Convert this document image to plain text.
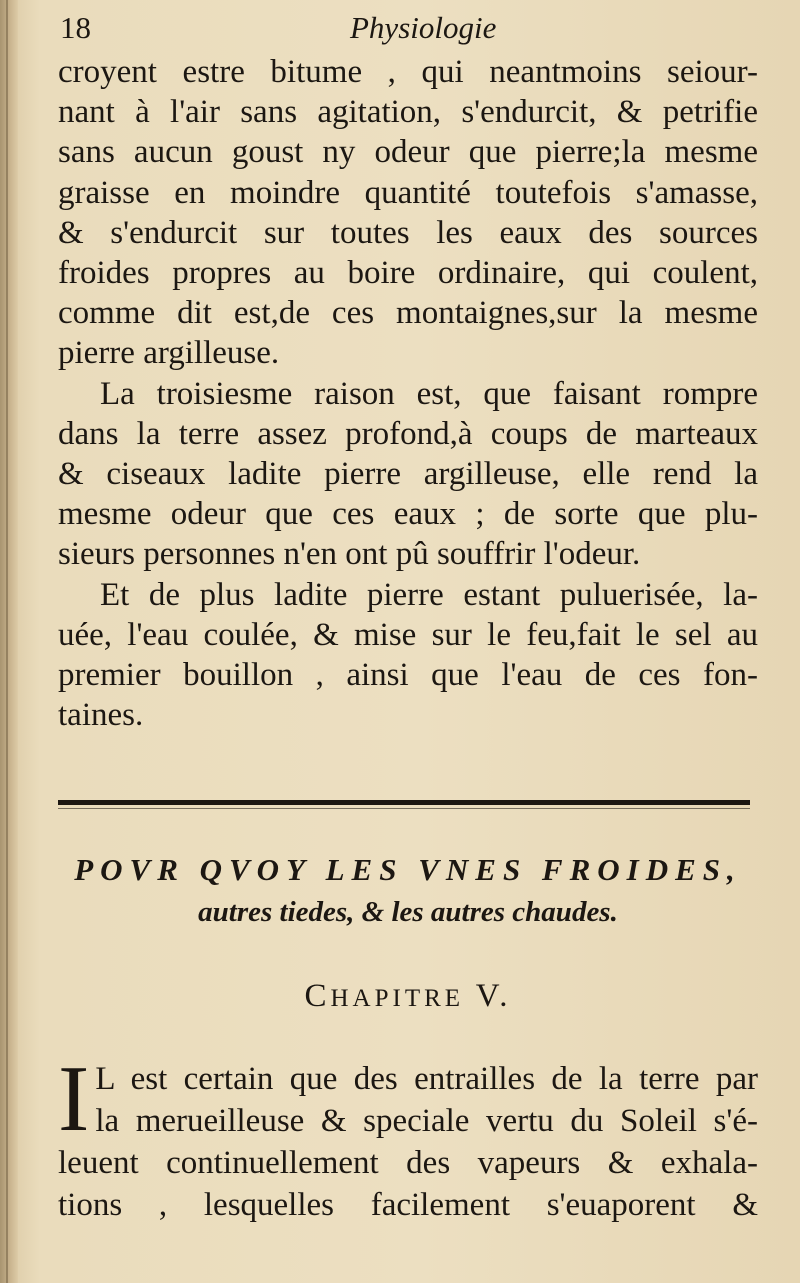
18	Physiologie

croyent estre bitume , qui neantmoins seiour-
nant à l'air sans agitation, s'endurcit, & petrifie
sans aucun goust ny odeur que pierre;la mesme
graisse en moindre quantité toutefois s'amasse,
& s'endurcit sur toutes les eaux des sources
froides propres au boire ordinaire, qui coulent,
comme dit est,de ces montaignes,sur la mesme
pierre argilleuse.

La troisiesme raison est, que faisant rompre
dans la terre assez profond,à coups de marteaux
& ciseaux ladite pierre argilleuse, elle rend la
mesme odeur que ces eaux ; de sorte que plu-
sieurs personnes n'en ont pû souffrir l'odeur.

Et de plus ladite pierre estant puluerisée, la-
uée, l'eau coulée, & mise sur le feu,fait le sel au
premier bouillon , ainsi que l'eau de ces fon-
taines.

POVR QVOY LES VNES FROIDES,
autres tiedes, & les autres chaudes.
CHAPITRE V.
I L est certain que des entrailles de la terre par
la merueilleuse & speciale vertu du Soleil s'é-
leuent continuellement des vapeurs & exhala-
tions , lesquelles facilement s'euaporent &
